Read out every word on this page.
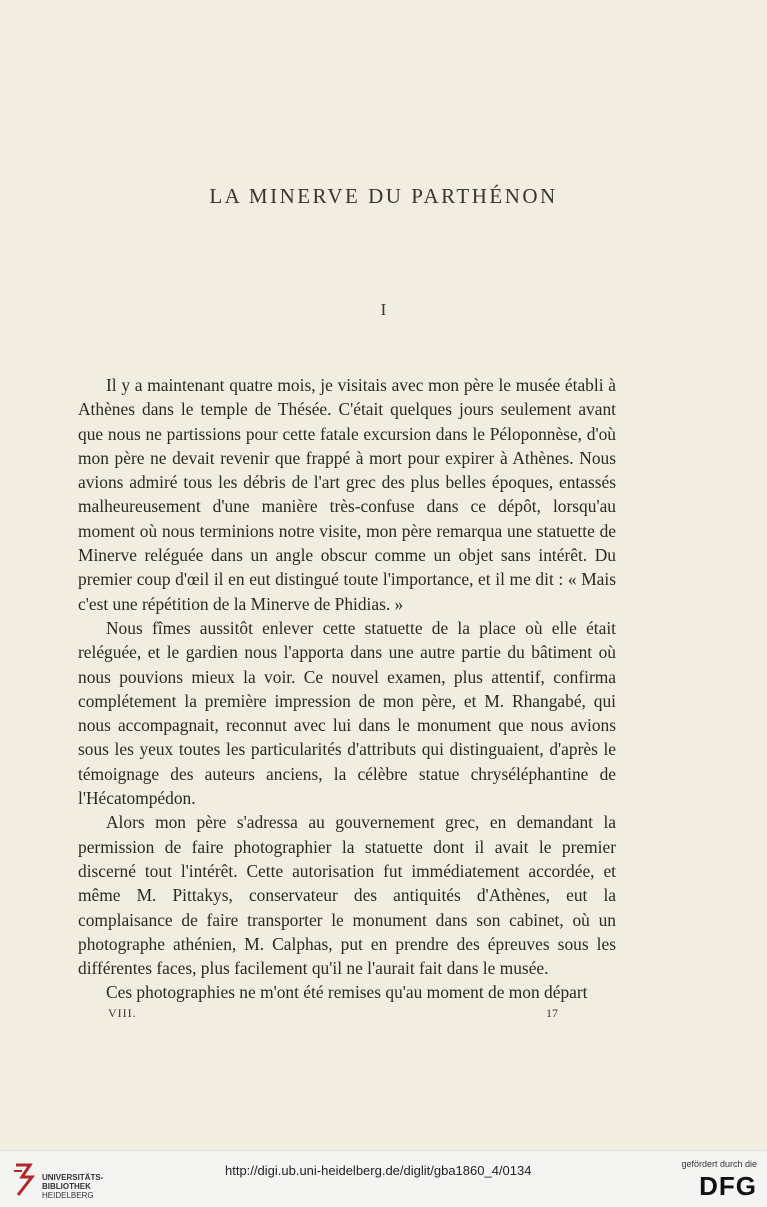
LA MINERVE DU PARTHÉNON
I

Il y a maintenant quatre mois, je visitais avec mon père le musée établi à Athènes dans le temple de Thésée. C'était quelques jours seulement avant que nous ne partissions pour cette fatale excursion dans le Péloponnèse, d'où mon père ne devait revenir que frappé à mort pour expirer à Athènes. Nous avions admiré tous les débris de l'art grec des plus belles époques, entassés malheureusement d'une manière très-confuse dans ce dépôt, lorsqu'au moment où nous terminions notre visite, mon père remarqua une statuette de Minerve reléguée dans un angle obscur comme un objet sans intérêt. Du premier coup d'œil il en eut distingué toute l'importance, et il me dit : « Mais c'est une répétition de la Minerve de Phidias. »

Nous fîmes aussitôt enlever cette statuette de la place où elle était reléguée, et le gardien nous l'apporta dans une autre partie du bâtiment où nous pouvions mieux la voir. Ce nouvel examen, plus attentif, confirma complétement la première impression de mon père, et M. Rhangabé, qui nous accompagnait, reconnut avec lui dans le monument que nous avions sous les yeux toutes les particularités d'attributs qui distinguaient, d'après le témoignage des auteurs anciens, la célèbre statue chryséléphantine de l'Hécatompédon.

Alors mon père s'adressa au gouvernement grec, en demandant la permission de faire photographier la statuette dont il avait le premier discerné tout l'intérêt. Cette autorisation fut immédiatement accordée, et même M. Pittakys, conservateur des antiquités d'Athènes, eut la complaisance de faire transporter le monument dans son cabinet, où un photographe athénien, M. Calphas, put en prendre des épreuves sous les différentes faces, plus facilement qu'il ne l'aurait fait dans le musée.

Ces photographies ne m'ont été remises qu'au moment de mon départ

VIII.	17
UNIVERSITÄTS-
BIBLIOTHEK
HEIDELBERG
http://digi.ub.uni-heidelberg.de/diglit/gba1860_4/0134	gefördert durch die
DFG
